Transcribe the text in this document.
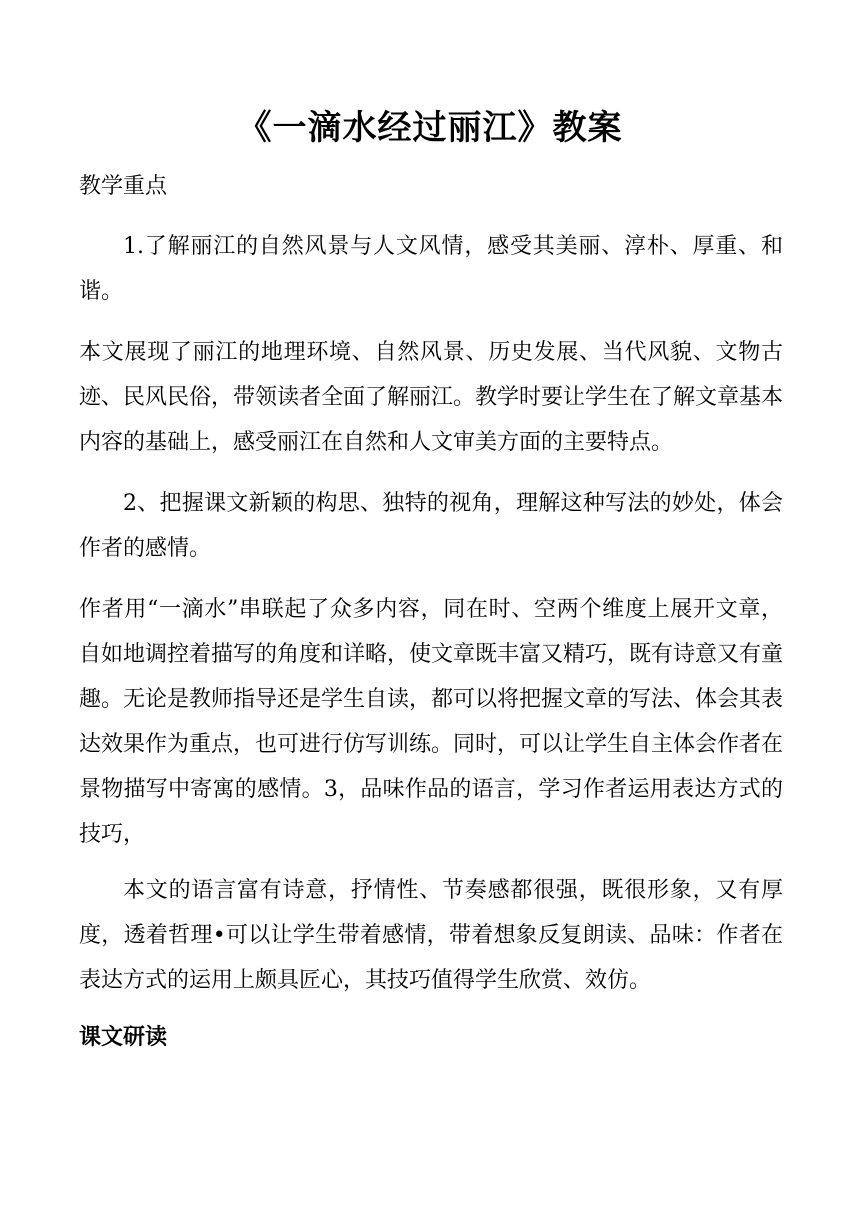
《一滴水经过丽江》教案
教学重点

1.了解丽江的自然风景与人文风情，感受其美丽、淳朴、厚重、和谐。

本文展现了丽江的地理环境、自然风景、历史发展、当代风貌、文物古迹、民风民俗，带领读者全面了解丽江。教学时要让学生在了解文章基本内容的基础上，感受丽江在自然和人文审美方面的主要特点。

2、把握课文新颖的构思、独特的视角，理解这种写法的妙处，体会作者的感情。

作者用“一滴水”串联起了众多内容，同在时、空两个维度上展开文章，自如地调控着描写的角度和详略，使文章既丰富又精巧，既有诗意又有童趣。无论是教师指导还是学生自读，都可以将把握文章的写法、体会其表达效果作为重点，也可进行仿写训练。同时，可以让学生自主体会作者在景物描写中寄寓的感情。3，品味作品的语言，学习作者运用表达方式的技巧，

本文的语言富有诗意，抒情性、节奏感都很强，既很形象，又有厚度，透着哲理•可以让学生带着感情，带着想象反复朗读、品味：作者在表达方式的运用上颇具匠心，其技巧值得学生欣赏、效仿。

课文研读
